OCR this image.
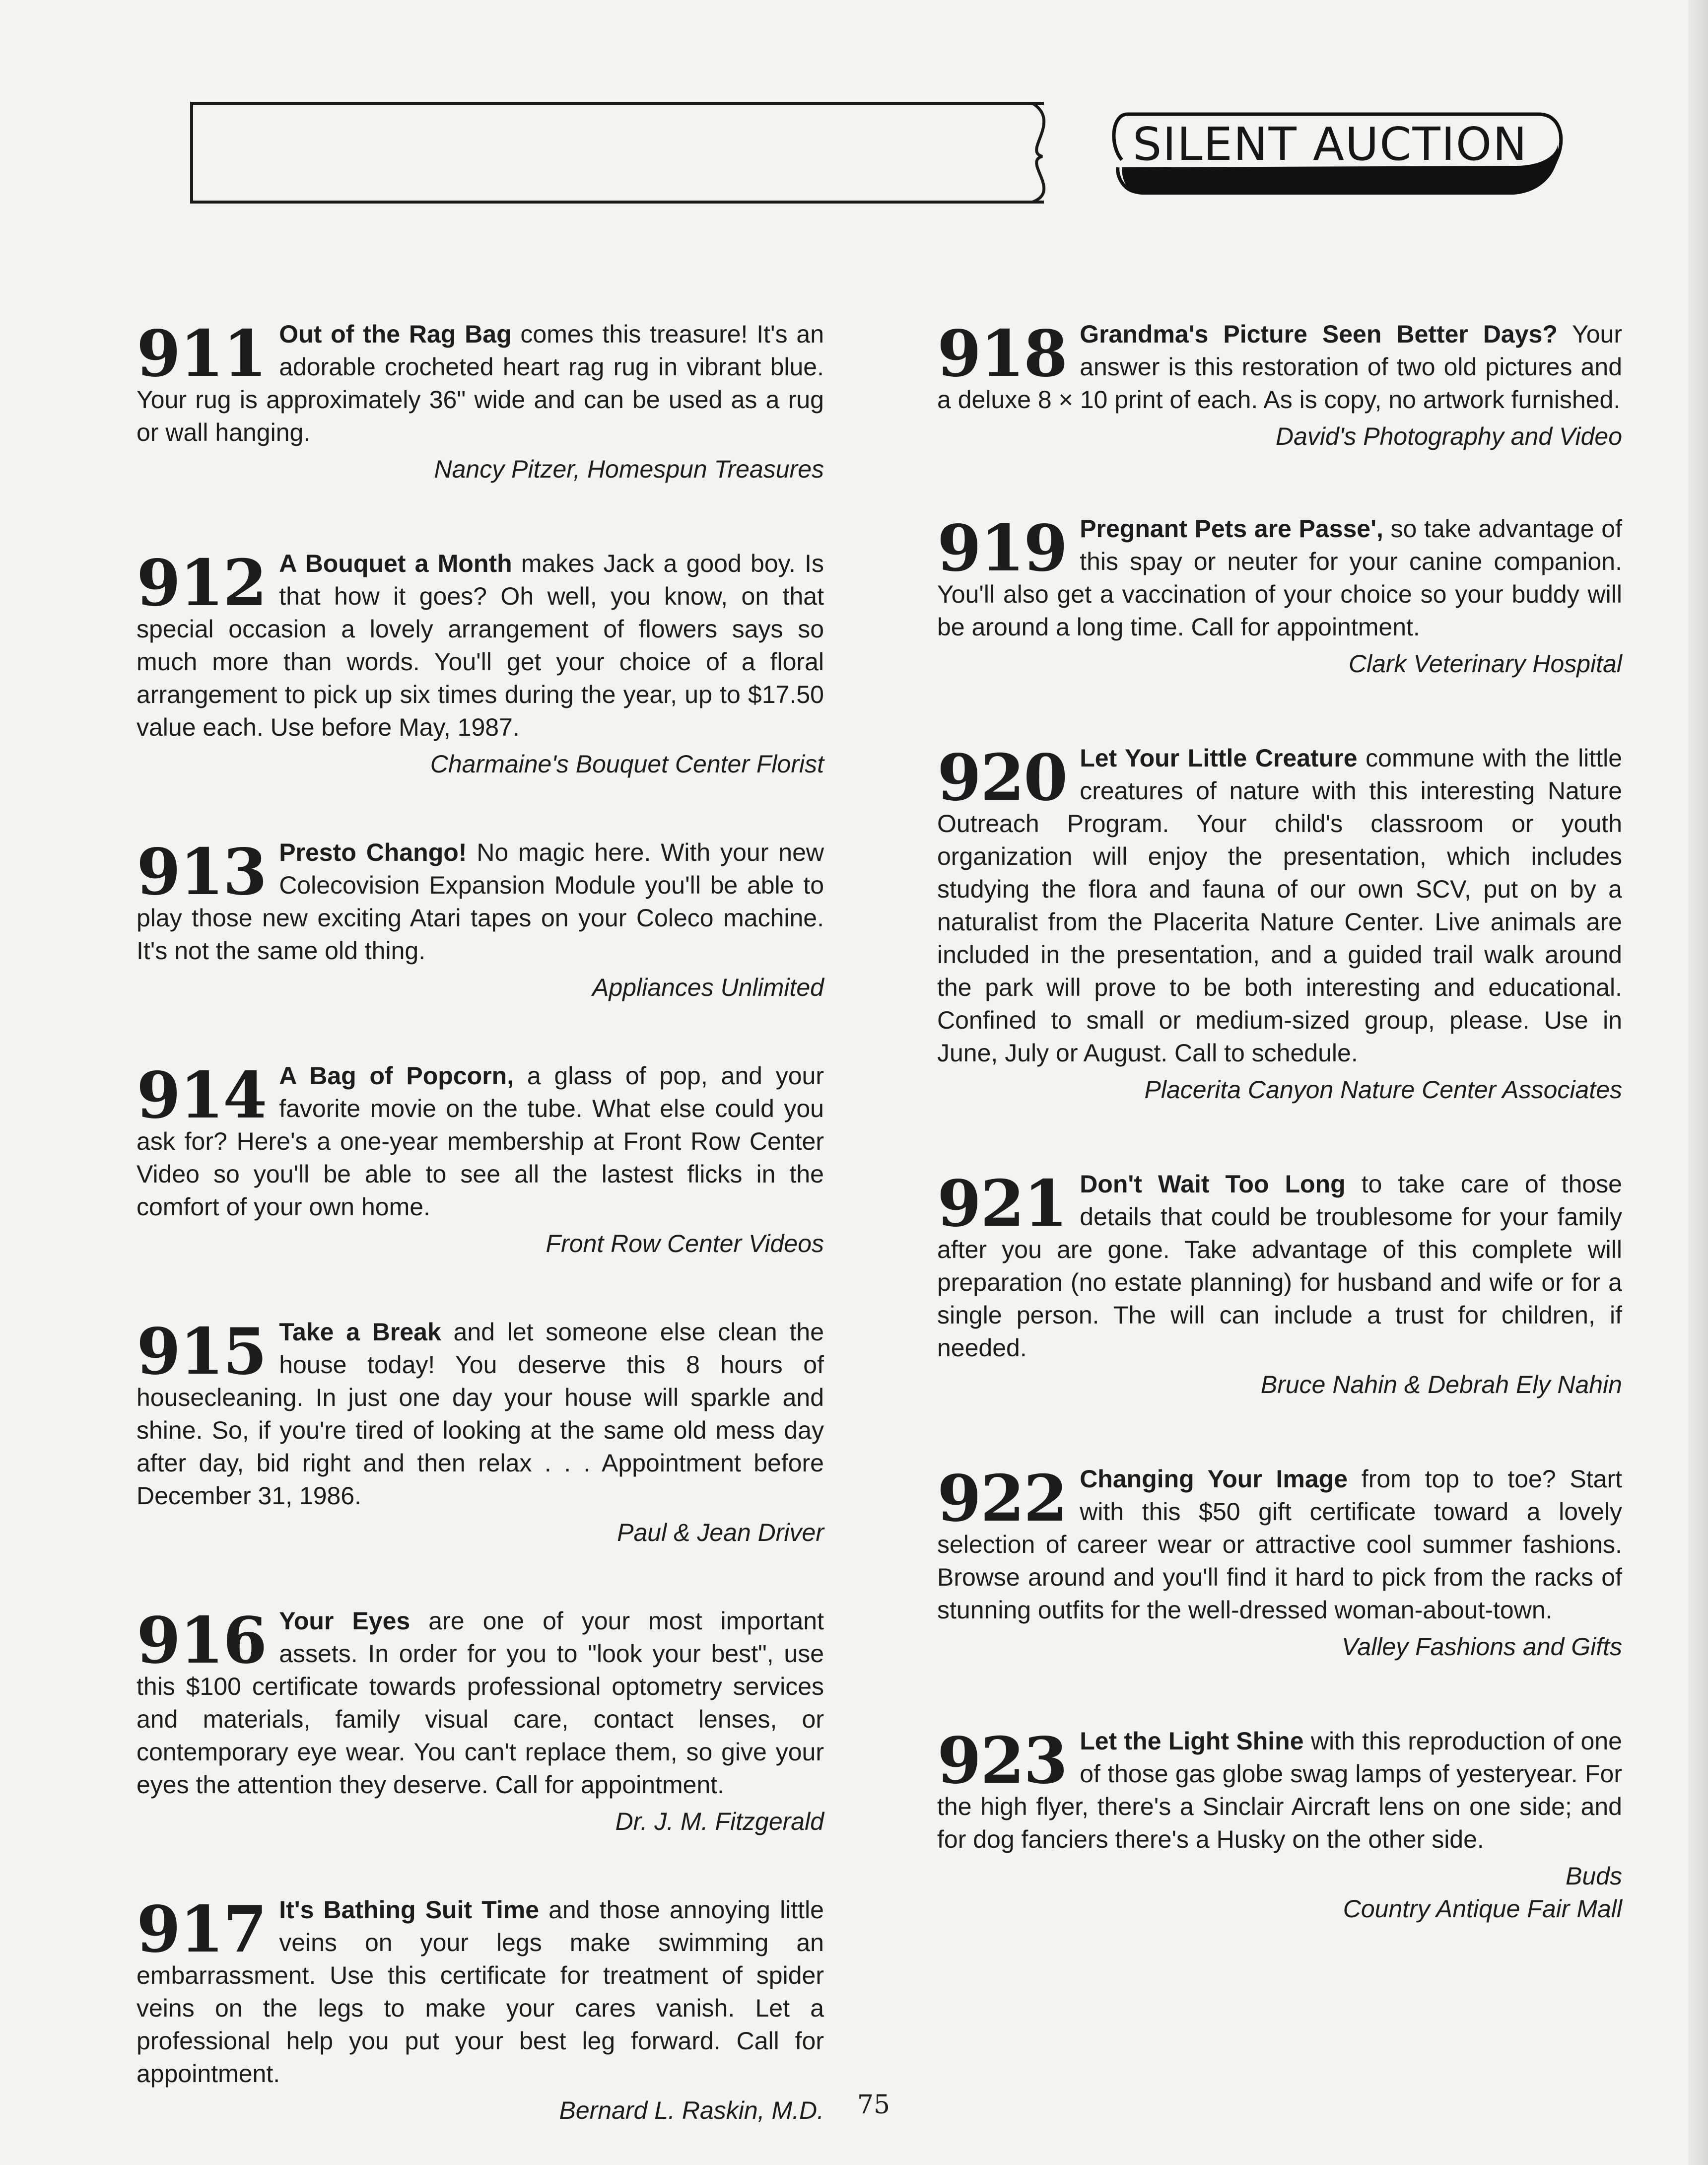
SILENT AUCTION
911 Out of the Rag Bag comes this treasure! It's an adorable crocheted heart rag rug in vibrant blue. Your rug is approximately 36" wide and can be used as a rug or wall hanging.

Nancy Pitzer, Homespun Treasures
912 A Bouquet a Month makes Jack a good boy. Is that how it goes? Oh well, you know, on that special occasion a lovely arrangement of flowers says so much more than words. You'll get your choice of a floral arrangement to pick up six times during the year, up to $17.50 value each. Use before May, 1987.

Charmaine's Bouquet Center Florist
913 Presto Chango! No magic here. With your new Colecovision Expansion Module you'll be able to play those new exciting Atari tapes on your Coleco machine. It's not the same old thing.

Appliances Unlimited
914 A Bag of Popcorn, a glass of pop, and your favorite movie on the tube. What else could you ask for? Here's a one-year membership at Front Row Center Video so you'll be able to see all the lastest flicks in the comfort of your own home.

Front Row Center Videos
915 Take a Break and let someone else clean the house today! You deserve this 8 hours of housecleaning. In just one day your house will sparkle and shine. So, if you're tired of looking at the same old mess day after day, bid right and then relax . . . Appointment before December 31, 1986.

Paul & Jean Driver
916 Your Eyes are one of your most important assets. In order for you to "look your best", use this $100 certificate towards professional optometry services and materials, family visual care, contact lenses, or contemporary eye wear. You can't replace them, so give your eyes the attention they deserve. Call for appointment.

Dr. J. M. Fitzgerald
917 It's Bathing Suit Time and those annoying little veins on your legs make swimming an embarrassment. Use this certificate for treatment of spider veins on the legs to make your cares vanish. Let a professional help you put your best leg forward. Call for appointment.

Bernard L. Raskin, M.D.
918 Grandma's Picture Seen Better Days? Your answer is this restoration of two old pictures and a deluxe 8 × 10 print of each. As is copy, no artwork furnished.

David's Photography and Video
919 Pregnant Pets are Passe', so take advantage of this spay or neuter for your canine companion. You'll also get a vaccination of your choice so your buddy will be around a long time. Call for appointment.

Clark Veterinary Hospital
920 Let Your Little Creature commune with the little creatures of nature with this interesting Nature Outreach Program. Your child's classroom or youth organization will enjoy the presentation, which includes studying the flora and fauna of our own SCV, put on by a naturalist from the Placerita Nature Center. Live animals are included in the presentation, and a guided trail walk around the park will prove to be both interesting and educational. Confined to small or medium-sized group, please. Use in June, July or August. Call to schedule.

Placerita Canyon Nature Center Associates
921 Don't Wait Too Long to take care of those details that could be troublesome for your family after you are gone. Take advantage of this complete will preparation (no estate planning) for husband and wife or for a single person. The will can include a trust for children, if needed.

Bruce Nahin & Debrah Ely Nahin
922 Changing Your Image from top to toe? Start with this $50 gift certificate toward a lovely selection of career wear or attractive cool summer fashions. Browse around and you'll find it hard to pick from the racks of stunning outfits for the well-dressed woman-about-town.

Valley Fashions and Gifts
923 Let the Light Shine with this reproduction of one of those gas globe swag lamps of yesteryear. For the high flyer, there's a Sinclair Aircraft lens on one side; and for dog fanciers there's a Husky on the other side.

Buds
Country Antique Fair Mall
75
